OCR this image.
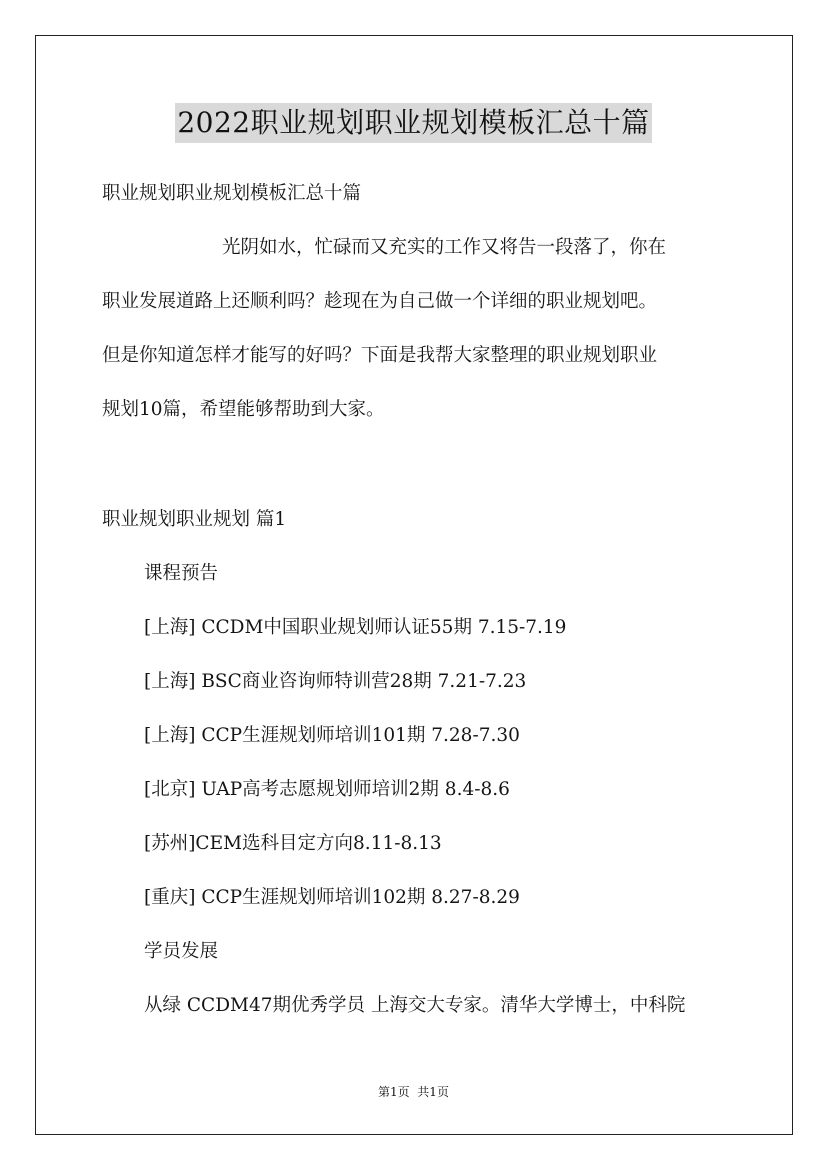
2022职业规划职业规划模板汇总十篇
职业规划职业规划模板汇总十篇
光阴如水，忙碌而又充实的工作又将告一段落了，你在
职业发展道路上还顺利吗？趁现在为自己做一个详细的职业规划吧。
但是你知道怎样才能写的好吗？下面是我帮大家整理的职业规划职业
规划10篇，希望能够帮助到大家。
职业规划职业规划 篇1
课程预告
[上海] CCDM中国职业规划师认证55期 7.15-7.19
[上海] BSC商业咨询师特训营28期 7.21-7.23
[上海] CCP生涯规划师培训101期 7.28-7.30
[北京] UAP高考志愿规划师培训2期 8.4-8.6
[苏州]CEM选科目定方向8.11-8.13
[重庆] CCP生涯规划师培训102期 8.27-8.29
学员发展
从绿 CCDM47期优秀学员 上海交大专家。清华大学博士，中科院
第1页  共1页
